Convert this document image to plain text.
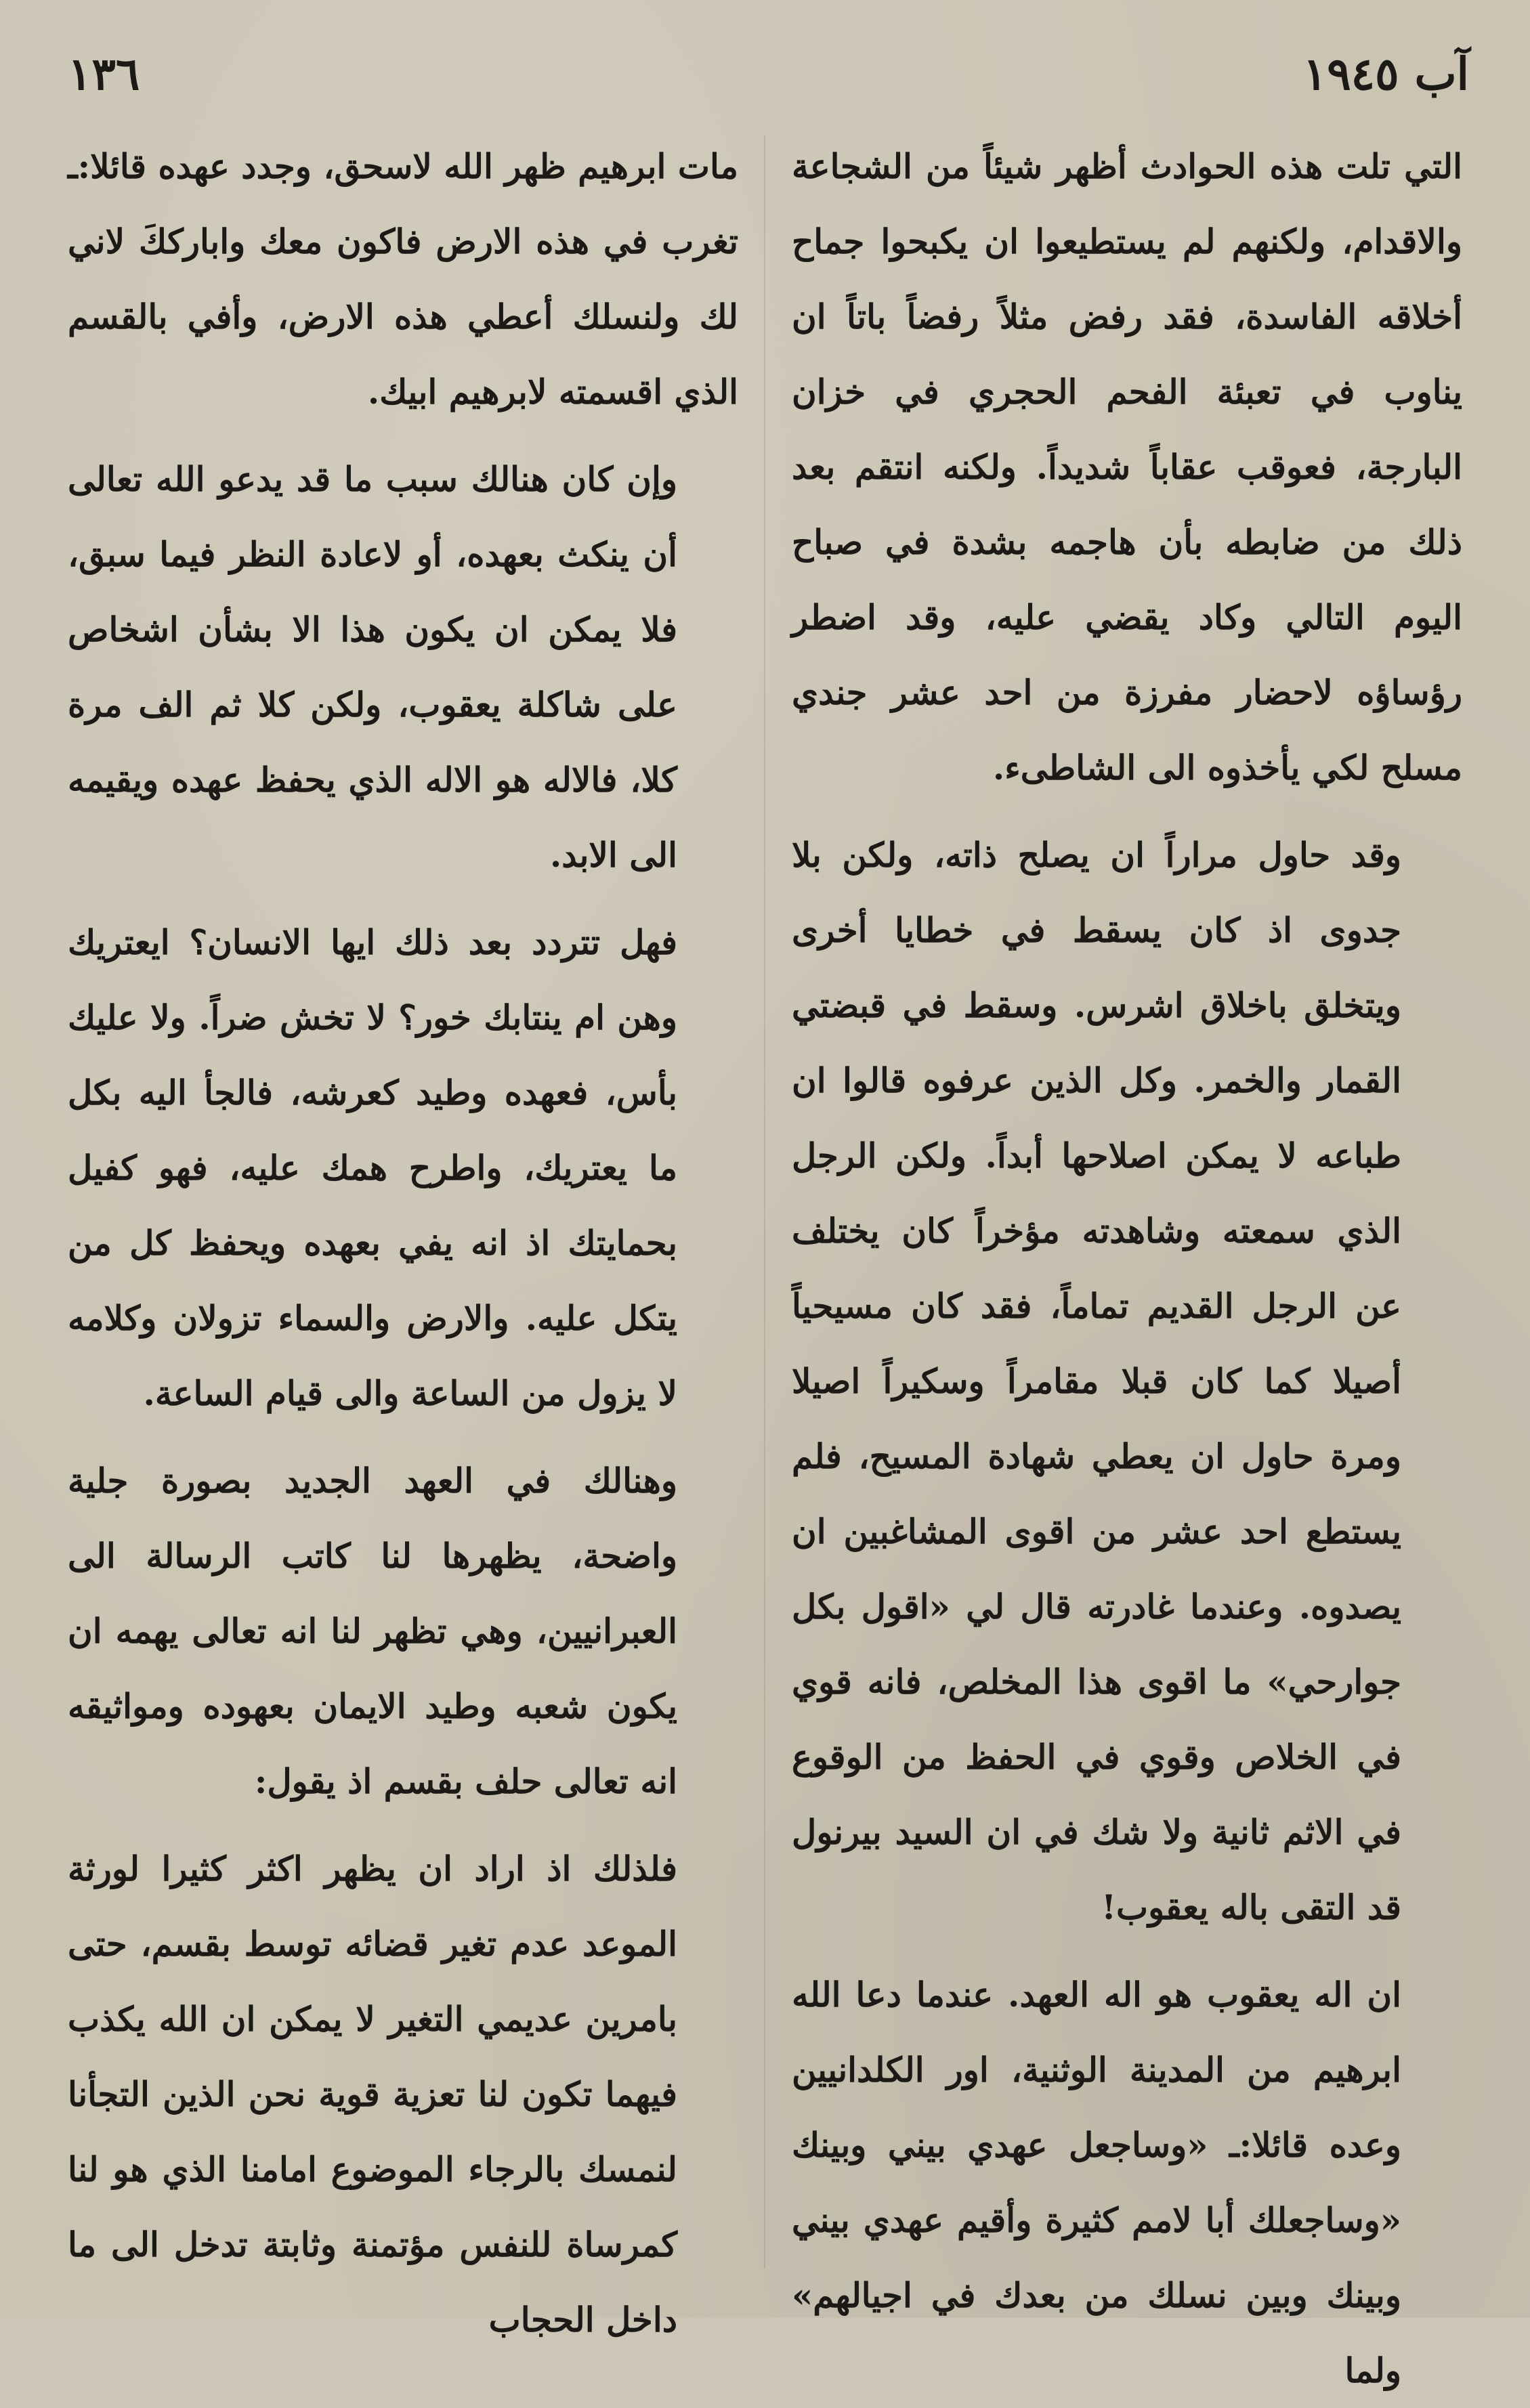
١٣٦	آب ١٩٤٥

التي تلت هذه الحوادث أظهر شيئاً من الشجاعة والاقدام، ولكنهم لم يستطيعوا ان يكبحوا جماح أخلاقه الفاسدة، فقد رفض مثلاً رفضاً باتاً ان يناوب في تعبئة الفحم الحجري في خزان البارجة، فعوقب عقاباً شديداً. ولكنه انتقم بعد ذلك من ضابطه بأن هاجمه بشدة في صباح اليوم التالي وكاد يقضي عليه، وقد اضطر رؤساؤه لاحضار مفرزة من احد عشر جندي مسلح لكي يأخذوه الى الشاطىء.

وقد حاول مراراً ان يصلح ذاته، ولكن بلا جدوى اذ كان يسقط في خطايا أخرى ويتخلق باخلاق اشرس. وسقط في قبضتي القمار والخمر. وكل الذين عرفوه قالوا ان طباعه لا يمكن اصلاحها أبداً. ولكن الرجل الذي سمعته وشاهدته مؤخراً كان يختلف عن الرجل القديم تماماً، فقد كان مسيحياً أصيلا كما كان قبلا مقامراً وسكيراً اصيلا ومرة حاول ان يعطي شهادة المسيح، فلم يستطع احد عشر من اقوى المشاغبين ان يصدوه. وعندما غادرته قال لي «اقول بكل جوارحي» ما اقوى هذا المخلص، فانه قوي في الخلاص وقوي في الحفظ من الوقوع في الاثم ثانية ولا شك في ان السيد بيرنول قد التقى باله يعقوب!

ان اله يعقوب هو اله العهد. عندما دعا الله ابرهيم من المدينة الوثنية، اور الكلدانيين وعده قائلا:ـ «وساجعل عهدي بيني وبينك «وساجعلك أبا لامم كثيرة وأقيم عهدي بيني وبينك وبين نسلك من بعدك في اجيالهم» ولما

مات ابرهيم ظهر الله لاسحق، وجدد عهده قائلا:ـ تغرب في هذه الارض فاكون معك وابارككَ لاني لك ولنسلك أعطي هذه الارض، وأفي بالقسم الذي اقسمته لابرهيم ابيك.

وإن كان هنالك سبب ما قد يدعو الله تعالى أن ينكث بعهده، أو لاعادة النظر فيما سبق، فلا يمكن ان يكون هذا الا بشأن اشخاص على شاكلة يعقوب، ولكن كلا ثم الف مرة كلا، فالاله هو الاله الذي يحفظ عهده ويقيمه الى الابد.

فهل تتردد بعد ذلك ايها الانسان؟ ايعتريك وهن ام ينتابك خور؟ لا تخش ضراً. ولا عليك بأس، فعهده وطيد كعرشه، فالجأ اليه بكل ما يعتريك، واطرح همك عليه، فهو كفيل بحمايتك اذ انه يفي بعهده ويحفظ كل من يتكل عليه. والارض والسماء تزولان وكلامه لا يزول من الساعة والى قيام الساعة.

وهنالك في العهد الجديد بصورة جلية واضحة، يظهرها لنا كاتب الرسالة الى العبرانيين، وهي تظهر لنا انه تعالى يهمه ان يكون شعبه وطيد الايمان بعهوده ومواثيقه انه تعالى حلف بقسم اذ يقول:

فلذلك اذ اراد ان يظهر اكثر كثيرا لورثة الموعد عدم تغير قضائه توسط بقسم، حتى بامرين عديمي التغير لا يمكن ان الله يكذب فيهما تكون لنا تعزية قوية نحن الذين التجأنا لنمسك بالرجاء الموضوع امامنا الذي هو لنا كمرساة للنفس مؤتمنة وثابتة تدخل الى ما داخل الحجاب
